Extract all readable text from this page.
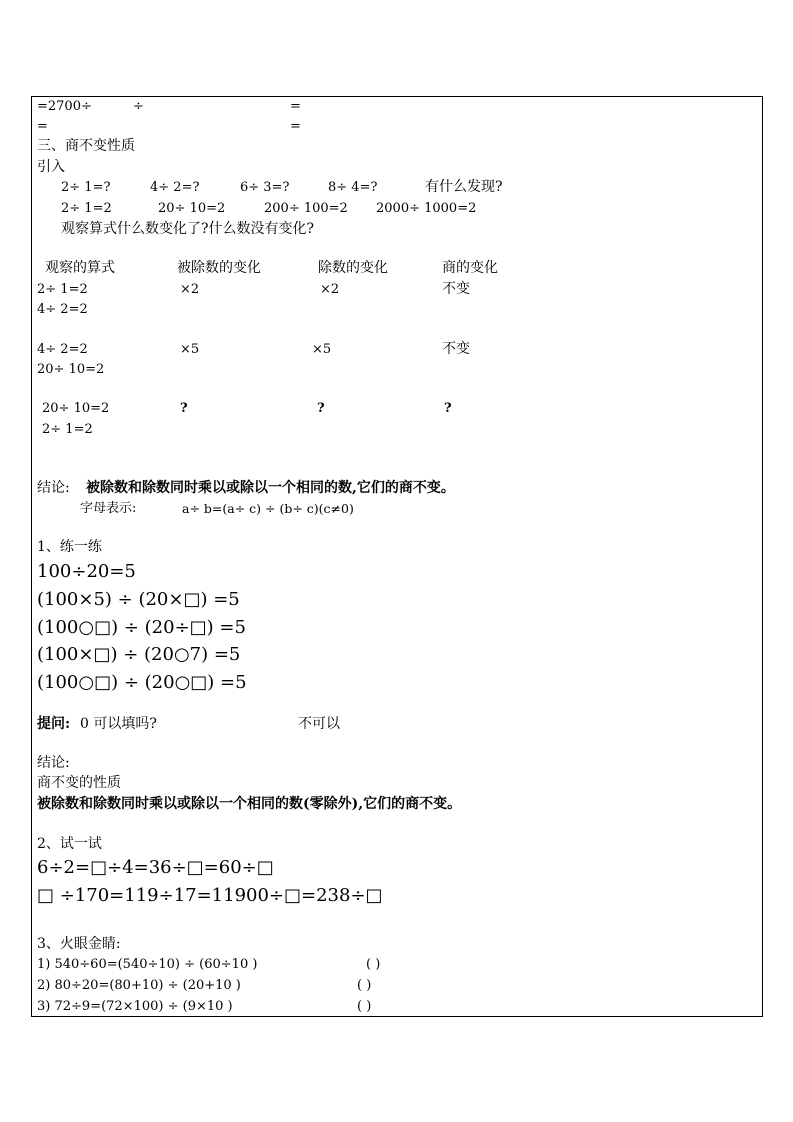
=2700÷	÷	=
=	=
三、商不变性质
引入
2÷ 1=?	4÷ 2=?	6÷ 3=?	8÷ 4=?	有什么发现?
2÷ 1=2	20÷ 10=2	200÷ 100=2 2000÷ 1000=2
观察算式什么数变化了?什么数没有变化?
观察的算式	被除数的变化	除数的变化	商的变化
2÷ 1=2	×2	×2	不变
4÷ 2=2
4÷ 2=2	×5	×5	不变
20÷ 10=2
20÷ 10=2	?	?	?
2÷ 1=2
结论: 被除数和除数同时乘以或除以一个相同的数,它们的商不变。
字母表示:	a÷ b=(a÷ c) ÷ (b÷ c)(c≠0)
1、练一练
100÷20=5
(100×5) ÷ (20×□) =5
(100○□) ÷ (20÷□) =5
(100×□) ÷ (20○7) =5
(100○□) ÷ (20○□) =5
提问: 0 可以填吗?	不可以
结论:
商不变的性质
被除数和除数同时乘以或除以一个相同的数(零除外),它们的商不变。
2、试一试
6÷2=□÷4=36÷□=60÷□
□ ÷170=119÷17=11900÷□=238÷□
3、火眼金睛:
1) 540÷60=(540÷10) ÷ (60÷10 )	( )
2) 80÷20=(80+10) ÷ (20+10 )	( )
3) 72÷9=(72×100) ÷ (9×10 )	( )
